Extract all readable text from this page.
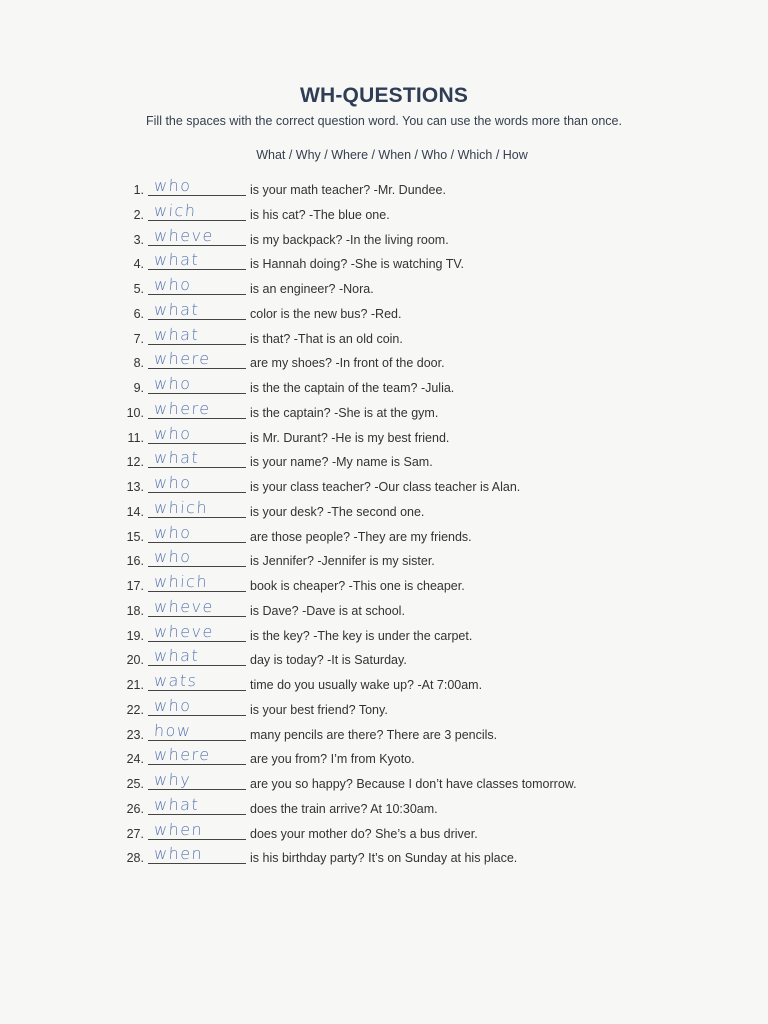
WH-QUESTIONS
Fill the spaces with the correct question word. You can use the words more than once.
What / Why / Where / When / Who / Which / How
1. who	is your math teacher? -Mr. Dundee.
2. wich	is his cat? -The blue one.
3. wheve	is my backpack? -In the living room.
4. what	is Hannah doing? -She is watching TV.
5. who	is an engineer? -Nora.
6. what	color is the new bus? -Red.
7. what	is that? -That is an old coin.
8. where	are my shoes? -In front of the door.
9. who	is the the captain of the team? -Julia.
10. where	is the captain? -She is at the gym.
11. who	is Mr. Durant? -He is my best friend.
12. what	is your name? -My name is Sam.
13. who	is your class teacher? -Our class teacher is Alan.
14. which	is your desk? -The second one.
15. who	are those people? -They are my friends.
16. who	is Jennifer? -Jennifer is my sister.
17. which	book is cheaper? -This one is cheaper.
18. wheve	is Dave? -Dave is at school.
19. wheve	is the key? -The key is under the carpet.
20. what	day is today? -It is Saturday.
21. wats	time do you usually wake up? -At 7:00am.
22. who	is your best friend? Tony.
23. how	many pencils are there? There are 3 pencils.
24. where	are you from? I’m from Kyoto.
25. why	are you so happy? Because I don’t have classes tomorrow.
26. what	does the train arrive? At 10:30am.
27. when	does your mother do? She’s a bus driver.
28. when	is his birthday party? It’s on Sunday at his place.
